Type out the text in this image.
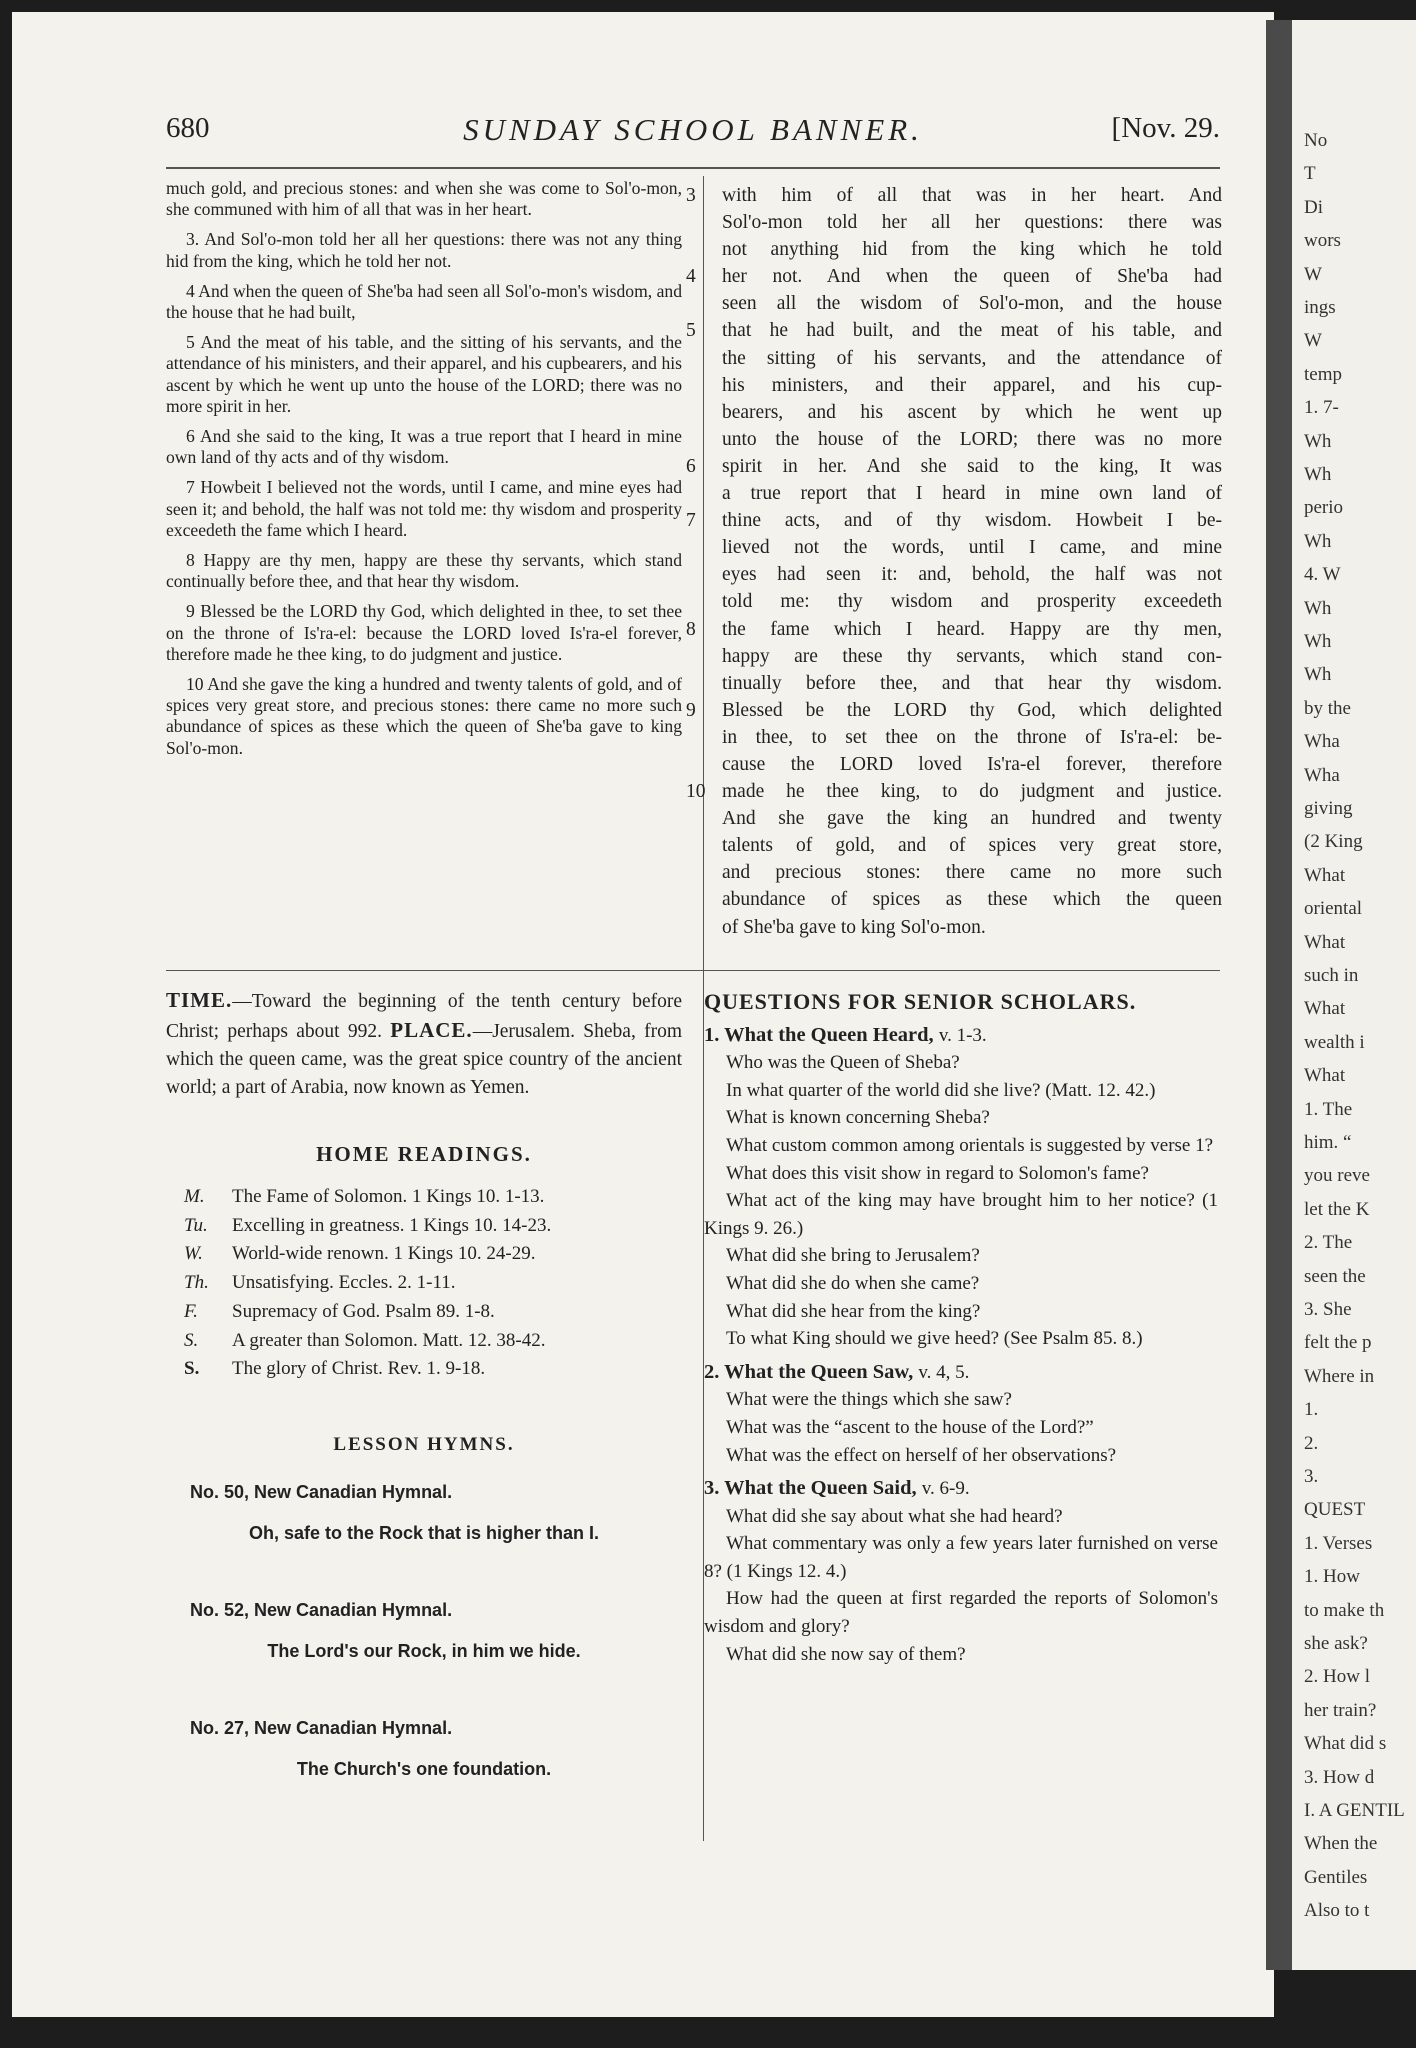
No
T
Di
wors
W
ings
W
temp
1. 7-
Wh
Wh
perio
Wh
4. W
Wh
Wh
Wh
by the
Wha
Wha
giving
(2 King
What
oriental
What
such in
What
wealth i
What
1. The
him. “
you reve
let the K
2. The
seen the
3. She
felt the p
Where in
1.
2.
3.
QUEST
1. Verses
1. How
to make th
she ask?
2. How l
her train?
What did s
3. How d
I. A GENTIL
When the
Gentiles
Also to t
680	SUNDAY SCHOOL BANNER.	[Nov. 29.

much gold, and precious stones: and when she was come to Sol'o-mon, she communed with him of all that was in her heart.

3. And Sol'o-mon told her all her questions: there was not any thing hid from the king, which he told her not.

4 And when the queen of She'ba had seen all Sol'o-mon's wisdom, and the house that he had built,

5 And the meat of his table, and the sitting of his servants, and the attendance of his ministers, and their apparel, and his cupbearers, and his ascent by which he went up unto the house of the LORD; there was no more spirit in her.

6 And she said to the king, It was a true report that I heard in mine own land of thy acts and of thy wisdom.

7 Howbeit I believed not the words, until I came, and mine eyes had seen it; and behold, the half was not told me: thy wisdom and prosperity exceedeth the fame which I heard.

8 Happy are thy men, happy are these thy servants, which stand continually before thee, and that hear thy wisdom.

9 Blessed be the LORD thy God, which delighted in thee, to set thee on the throne of Is'ra-el: because the LORD loved Is'ra-el forever, therefore made he thee king, to do judgment and justice.

10 And she gave the king a hundred and twenty talents of gold, and of spices very great store, and precious stones: there came no more such abundance of spices as these which the queen of She'ba gave to king Sol'o-mon.

3	with him of all that was in her heart. And
Sol'o-mon told her all her questions: there was
not anything hid from the king which he told
4	her not. And when the queen of She'ba had
seen all the wisdom of Sol'o-mon, and the house
5	that he had built, and the meat of his table, and
the sitting of his servants, and the attendance of
his ministers, and their apparel, and his cup-
bearers, and his ascent by which he went up
unto the house of the LORD; there was no more
6	spirit in her. And she said to the king, It was
a true report that I heard in mine own land of
7	thine acts, and of thy wisdom. Howbeit I be-
lieved not the words, until I came, and mine
eyes had seen it: and, behold, the half was not
told me: thy wisdom and prosperity exceedeth
8	the fame which I heard. Happy are thy men,
happy are these thy servants, which stand con-
tinually before thee, and that hear thy wisdom.
9	Blessed be the LORD thy God, which delighted
in thee, to set thee on the throne of Is'ra-el: be-
cause the LORD loved Is'ra-el forever, therefore
10 made he thee king, to do judgment and justice.
And she gave the king an hundred and twenty
talents of gold, and of spices very great store,
and precious stones: there came no more such
abundance of spices as these which the queen
of She'ba gave to king Sol'o-mon.
TIME.—Toward the beginning of the tenth century before Christ; perhaps about 992. PLACE.—Jerusalem. Sheba, from which the queen came, was the great spice country of the ancient world; a part of Arabia, now known as Yemen.
HOME READINGS.
M. The Fame of Solomon. 1 Kings 10. 1-13.
Tu. Excelling in greatness. 1 Kings 10. 14-23.
W. World-wide renown. 1 Kings 10. 24-29.
Th. Unsatisfying. Eccles. 2. 1-11.
F. Supremacy of God. Psalm 89. 1-8.
S. A greater than Solomon. Matt. 12. 38-42.
S. The glory of Christ. Rev. 1. 9-18.
LESSON HYMNS.
No. 50, New Canadian Hymnal.
Oh, safe to the Rock that is higher than I.
No. 52, New Canadian Hymnal.
The Lord's our Rock, in him we hide.
No. 27, New Canadian Hymnal.
The Church's one foundation.
QUESTIONS FOR SENIOR SCHOLARS.
1. What the Queen Heard, v. 1-3.
Who was the Queen of Sheba?
In what quarter of the world did she live? (Matt. 12. 42.)
What is known concerning Sheba?
What custom common among orientals is suggested by verse 1?
What does this visit show in regard to Solomon's fame?
What act of the king may have brought him to her notice? (1 Kings 9. 26.)
What did she bring to Jerusalem?
What did she do when she came?
What did she hear from the king?
To what King should we give heed? (See Psalm 85. 8.)
2. What the Queen Saw, v. 4, 5.
What were the things which she saw?
What was the “ascent to the house of the Lord?”
What was the effect on herself of her observations?
3. What the Queen Said, v. 6-9.
What did she say about what she had heard?
What commentary was only a few years later furnished on verse 8? (1 Kings 12. 4.)
How had the queen at first regarded the reports of Solomon's wisdom and glory?
What did she now say of them?
